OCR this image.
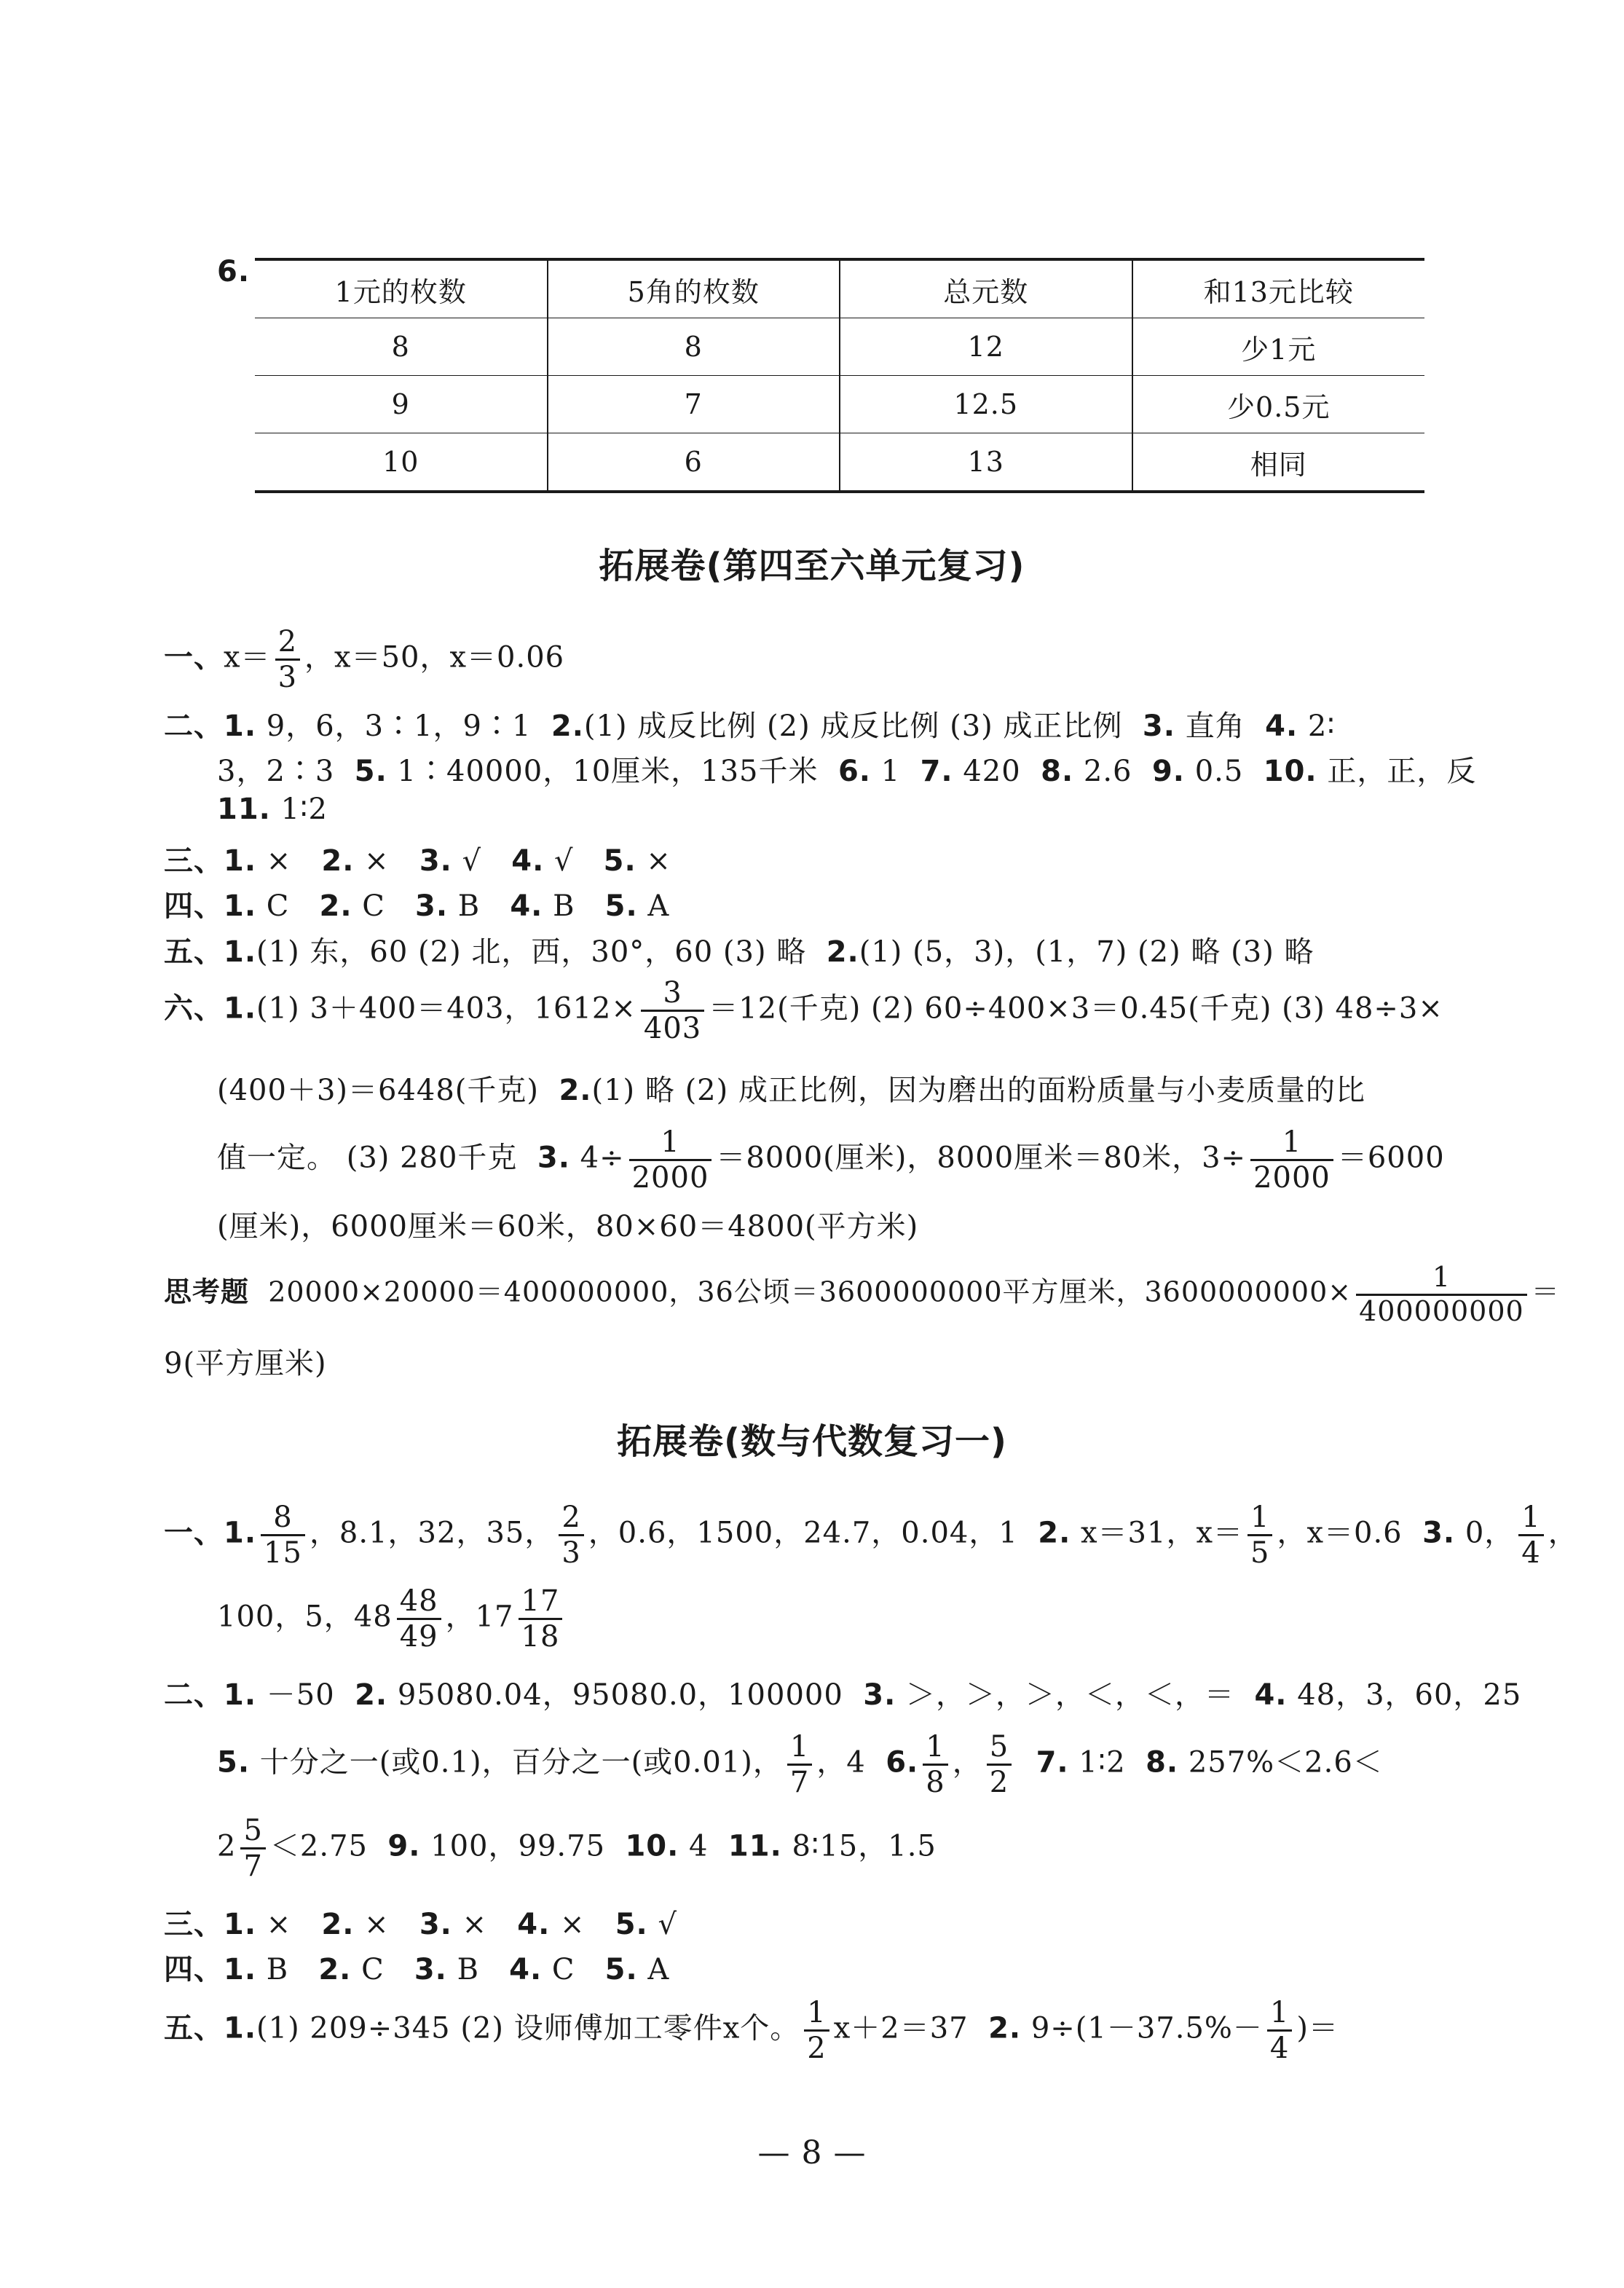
6.
1元的枚数	5角的枚数	总元数	和13元比较
8	8	12	少1元
9	7	12.5	少0.5元
10	6	13	相同
拓展卷(第四至六单元复习)
一、$x= \frac{2}{3}$ ，x＝50，x＝0.06
二、1. 9，6，3∶1，9∶1 2.(1) 成反比例 (2) 成反比例 (3) 成正比例 3. 直角 4. 2∶
3，2∶3 5. 1∶40000，10厘米，135千米 6. 1 7. 420 8. 2.6 9. 0.5 10. 正，正，反
11. 1∶2
三、1. × 2. × 3. √ 4. √ 5. ×
四、1. C 2. C 3. B 4. B 5. A
五、1.(1) 东，60 (2) 北，西，30°，60 (3) 略 2.(1) (5，3)，(1，7) (2) 略 (3) 略
六、1.(1) 3＋400＝403，$1612\times \frac{3}{403} =12$(千克) (2) 60÷400×3＝0.45(千克) (3) 48÷3×
(400＋3)＝6448(千克) 2.(1) 略 (2) 成正比例，因为磨出的面粉质量与小麦质量的比
值一定。 (3) 280千克 3. $4\div \frac{1}{2000} =8000$(厘米)，8000厘米＝80米，$3\div \frac{1}{2000} =6000$
(厘米)，6000厘米＝60米，80×60＝4800(平方米)
思考题 20000×20000＝400000000，36公顷＝3600000000平方厘米，$3600000000\times \frac{1}{400000000}$ ＝
9(平方厘米)
拓展卷(数与代数复习一)
一、1. $\frac{8}{15}$ ，8.1，32，35， $\frac{2}{3}$ ，0.6，1500，24.7，0.04，1 2. x＝31，$x= \frac{1}{5}$ ，x＝0.6 3. 0， $\frac{1}{4}$ ，
100，5，$48 \frac{48}{49}$ ，$17 \frac{17}{18}$
二、1. －50 2. 95080.04，95080.0，100000 3. ＞，＞，＞，＜，＜，＝ 4. 48，3，60，25
5. 十分之一(或0.1)，百分之一(或0.01)， $\frac{1}{7}$ ，4 6. $\frac{1}{8}$ ， $\frac{5}{2} 7$. 1∶2 8. 257%＜2.6＜
$2 \frac{5}{7} <2.75$ 9. 100，99.75 10. 4 11. 8∶15，1.5
三、1. × 2. × 3. × 4. × 5. √
四、1. B 2. C 3. B 4. C 5. A
五、1.(1) 209÷345 (2) 设师傅加工零件x个。 $\frac{1}{2} x+2=37$ 2. $9\div(1-37.5\%- \frac{1}{4}$ )＝
— 8 —
